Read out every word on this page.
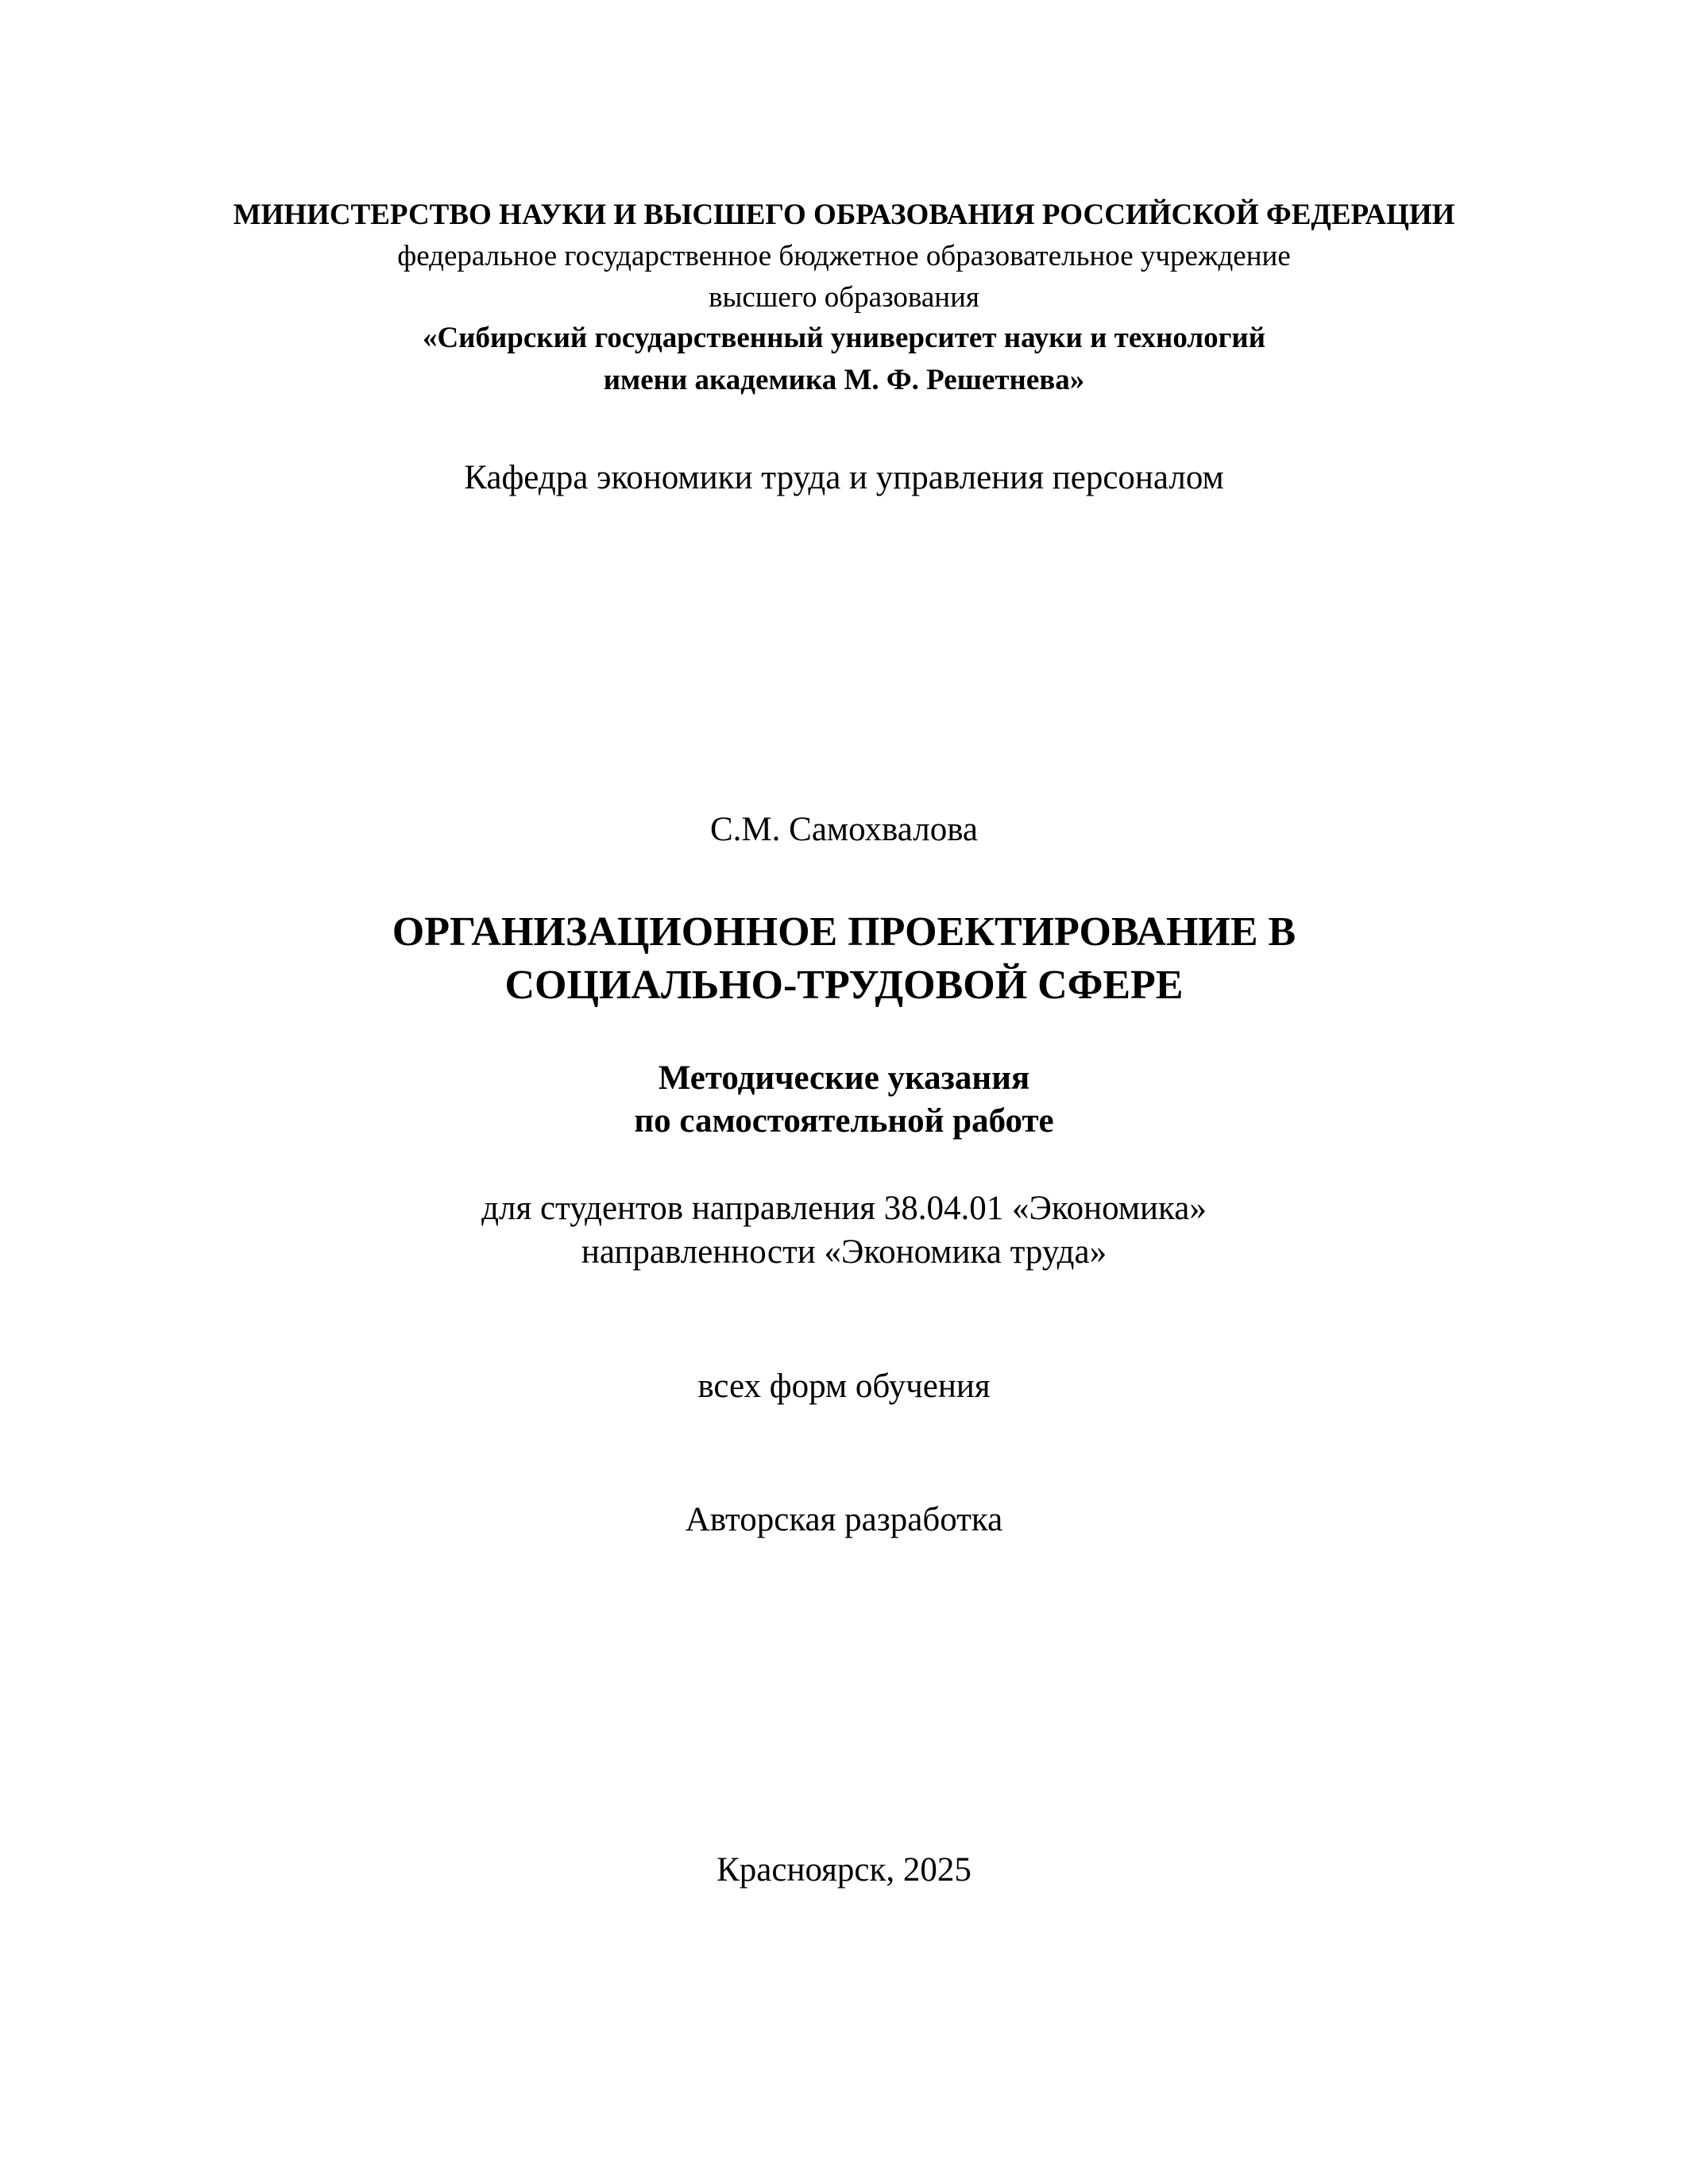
МИНИСТЕРСТВО НАУКИ И ВЫСШЕГО ОБРАЗОВАНИЯ РОССИЙСКОЙ ФЕДЕРАЦИИ
федеральное государственное бюджетное образовательное учреждение
высшего образования
«Сибирский государственный университет науки и технологий
имени академика М. Ф. Решетнева»
Кафедра экономики труда и управления персоналом
С.М. Самохвалова
ОРГАНИЗАЦИОННОЕ ПРОЕКТИРОВАНИЕ В
СОЦИАЛЬНО-ТРУДОВОЙ СФЕРЕ
Методические указания
по самостоятельной работе
для студентов направления 38.04.01 «Экономика»
направленности «Экономика труда»
всех форм обучения
Авторская разработка
Красноярск, 2025
